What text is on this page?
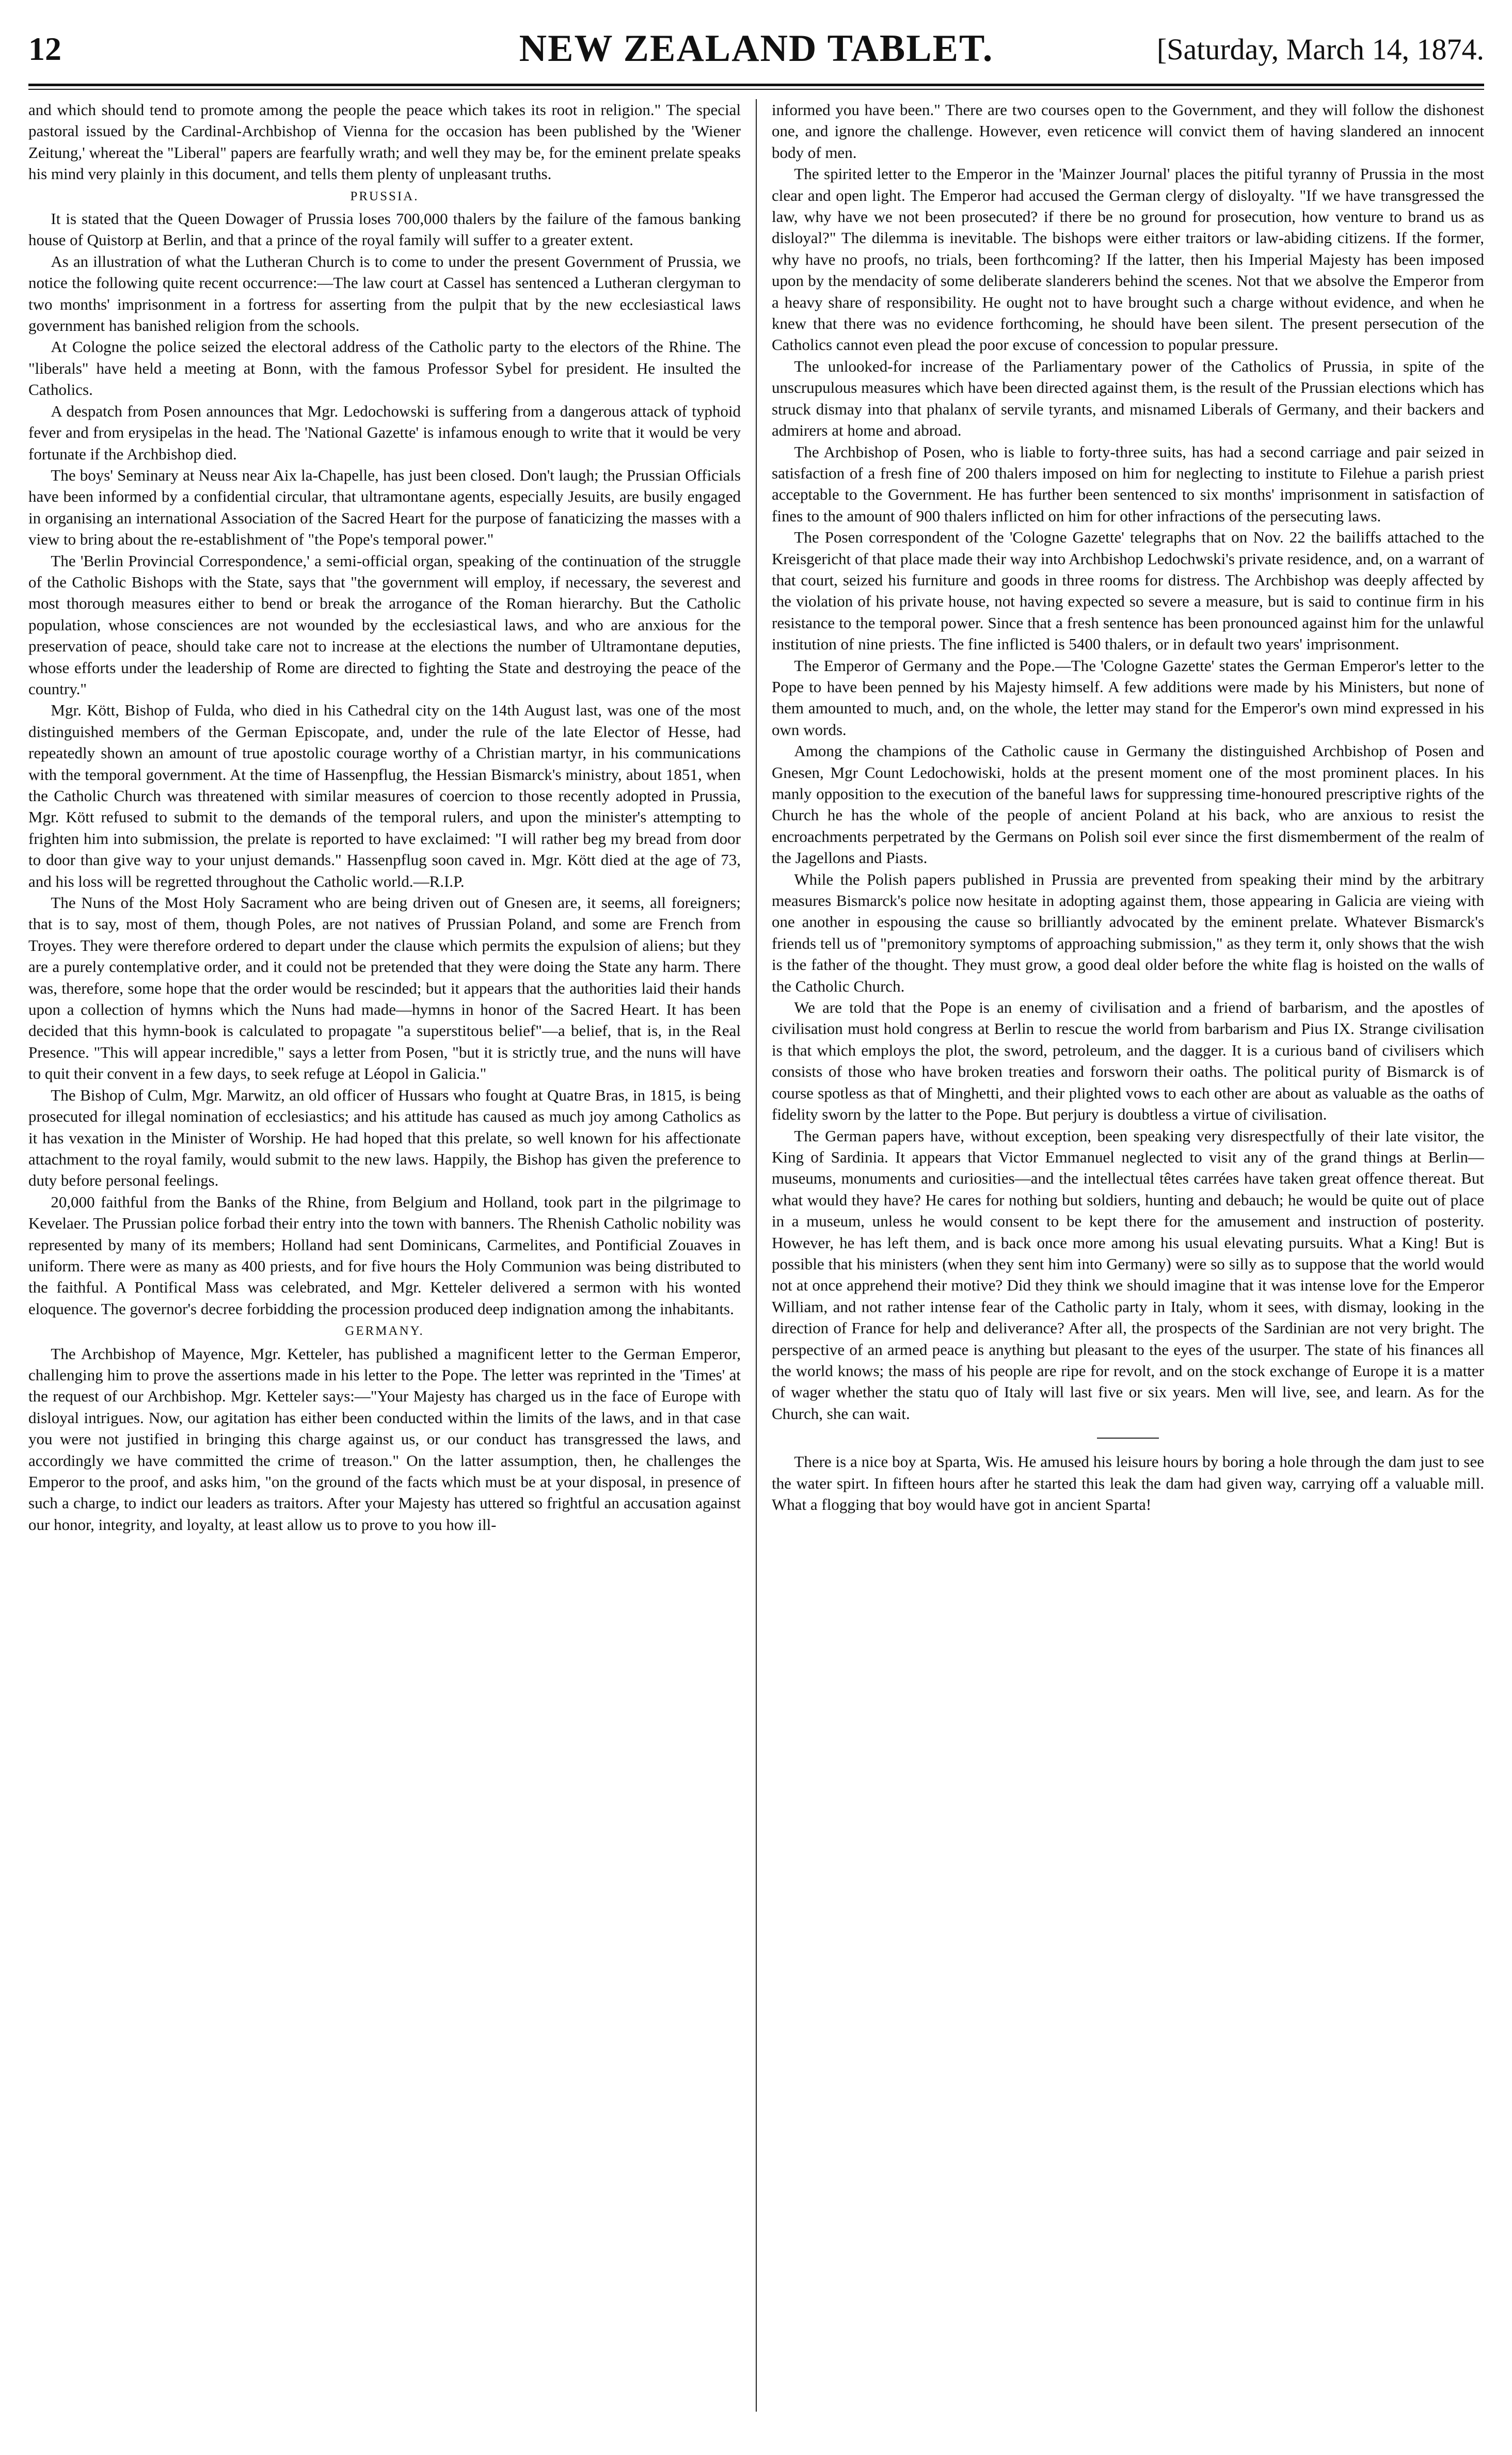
12	NEW ZEALAND TABLET.	[Saturday, March 14, 1874.

and which should tend to promote among the people the peace which takes its root in religion." The special pastoral issued by the Cardinal-Archbishop of Vienna for the occasion has been published by the 'Wiener Zeitung,' whereat the "Liberal" papers are fearfully wrath; and well they may be, for the eminent prelate speaks his mind very plainly in this document, and tells them plenty of unpleasant truths.

PRUSSIA.

It is stated that the Queen Dowager of Prussia loses 700,000 thalers by the failure of the famous banking house of Quistorp at Berlin, and that a prince of the royal family will suffer to a greater extent.

As an illustration of what the Lutheran Church is to come to under the present Government of Prussia, we notice the following quite recent occurrence:—The law court at Cassel has sentenced a Lutheran clergyman to two months' imprisonment in a fortress for asserting from the pulpit that by the new ecclesiastical laws government has banished religion from the schools.

At Cologne the police seized the electoral address of the Catholic party to the electors of the Rhine. The "liberals" have held a meeting at Bonn, with the famous Professor Sybel for president. He insulted the Catholics.

A despatch from Posen announces that Mgr. Ledochowski is suffering from a dangerous attack of typhoid fever and from erysipelas in the head. The 'National Gazette' is infamous enough to write that it would be very fortunate if the Archbishop died.

The boys' Seminary at Neuss near Aix la-Chapelle, has just been closed. Don't laugh; the Prussian Officials have been informed by a confidential circular, that ultramontane agents, especially Jesuits, are busily engaged in organising an international Association of the Sacred Heart for the purpose of fanaticizing the masses with a view to bring about the re-establishment of "the Pope's temporal power."

The 'Berlin Provincial Correspondence,' a semi-official organ, speaking of the continuation of the struggle of the Catholic Bishops with the State, says that "the government will employ, if necessary, the severest and most thorough measures either to bend or break the arrogance of the Roman hierarchy. But the Catholic population, whose consciences are not wounded by the ecclesiastical laws, and who are anxious for the preservation of peace, should take care not to increase at the elections the number of Ultramontane deputies, whose efforts under the leadership of Rome are directed to fighting the State and destroying the peace of the country."

Mgr. Kött, Bishop of Fulda, who died in his Cathedral city on the 14th August last, was one of the most distinguished members of the German Episcopate, and, under the rule of the late Elector of Hesse, had repeatedly shown an amount of true apostolic courage worthy of a Christian martyr, in his communications with the temporal government. At the time of Hassenpflug, the Hessian Bismarck's ministry, about 1851, when the Catholic Church was threatened with similar measures of coercion to those recently adopted in Prussia, Mgr. Kött refused to submit to the demands of the temporal rulers, and upon the minister's attempting to frighten him into submission, the prelate is reported to have exclaimed: "I will rather beg my bread from door to door than give way to your unjust demands." Hassenpflug soon caved in. Mgr. Kött died at the age of 73, and his loss will be regretted throughout the Catholic world.—R.I.P.

The Nuns of the Most Holy Sacrament who are being driven out of Gnesen are, it seems, all foreigners; that is to say, most of them, though Poles, are not natives of Prussian Poland, and some are French from Troyes. They were therefore ordered to depart under the clause which permits the expulsion of aliens; but they are a purely contemplative order, and it could not be pretended that they were doing the State any harm. There was, therefore, some hope that the order would be rescinded; but it appears that the authorities laid their hands upon a collection of hymns which the Nuns had made—hymns in honor of the Sacred Heart. It has been decided that this hymn-book is calculated to propagate "a superstitous belief"—a belief, that is, in the Real Presence. "This will appear incredible," says a letter from Posen, "but it is strictly true, and the nuns will have to quit their convent in a few days, to seek refuge at Léopol in Galicia."

The Bishop of Culm, Mgr. Marwitz, an old officer of Hussars who fought at Quatre Bras, in 1815, is being prosecuted for illegal nomination of ecclesiastics; and his attitude has caused as much joy among Catholics as it has vexation in the Minister of Worship. He had hoped that this prelate, so well known for his affectionate attachment to the royal family, would submit to the new laws. Happily, the Bishop has given the preference to duty before personal feelings.

20,000 faithful from the Banks of the Rhine, from Belgium and Holland, took part in the pilgrimage to Kevelaer. The Prussian police forbad their entry into the town with banners. The Rhenish Catholic nobility was represented by many of its members; Holland had sent Dominicans, Carmelites, and Pontificial Zouaves in uniform. There were as many as 400 priests, and for five hours the Holy Communion was being distributed to the faithful. A Pontifical Mass was celebrated, and Mgr. Ketteler delivered a sermon with his wonted eloquence. The governor's decree forbidding the procession produced deep indignation among the inhabitants.

GERMANY.

The Archbishop of Mayence, Mgr. Ketteler, has published a magnificent letter to the German Emperor, challenging him to prove the assertions made in his letter to the Pope. The letter was reprinted in the 'Times' at the request of our Archbishop. Mgr. Ketteler says:—"Your Majesty has charged us in the face of Europe with disloyal intrigues. Now, our agitation has either been conducted within the limits of the laws, and in that case you were not justified in bringing this charge against us, or our conduct has transgressed the laws, and accordingly we have committed the crime of treason." On the latter assumption, then, he challenges the Emperor to the proof, and asks him, "on the ground of the facts which must be at your disposal, in presence of such a charge, to indict our leaders as traitors. After your Majesty has uttered so frightful an accusation against our honor, integrity, and loyalty, at least allow us to prove to you how ill-

informed you have been." There are two courses open to the Government, and they will follow the dishonest one, and ignore the challenge. However, even reticence will convict them of having slandered an innocent body of men.

The spirited letter to the Emperor in the 'Mainzer Journal' places the pitiful tyranny of Prussia in the most clear and open light. The Emperor had accused the German clergy of disloyalty. "If we have transgressed the law, why have we not been prosecuted? if there be no ground for prosecution, how venture to brand us as disloyal?" The dilemma is inevitable. The bishops were either traitors or law-abiding citizens. If the former, why have no proofs, no trials, been forthcoming? If the latter, then his Imperial Majesty has been imposed upon by the mendacity of some deliberate slanderers behind the scenes. Not that we absolve the Emperor from a heavy share of responsibility. He ought not to have brought such a charge without evidence, and when he knew that there was no evidence forthcoming, he should have been silent. The present persecution of the Catholics cannot even plead the poor excuse of concession to popular pressure.

The unlooked-for increase of the Parliamentary power of the Catholics of Prussia, in spite of the unscrupulous measures which have been directed against them, is the result of the Prussian elections which has struck dismay into that phalanx of servile tyrants, and misnamed Liberals of Germany, and their backers and admirers at home and abroad.

The Archbishop of Posen, who is liable to forty-three suits, has had a second carriage and pair seized in satisfaction of a fresh fine of 200 thalers imposed on him for neglecting to institute to Filehue a parish priest acceptable to the Government. He has further been sentenced to six months' imprisonment in satisfaction of fines to the amount of 900 thalers inflicted on him for other infractions of the persecuting laws.

The Posen correspondent of the 'Cologne Gazette' telegraphs that on Nov. 22 the bailiffs attached to the Kreisgericht of that place made their way into Archbishop Ledochwski's private residence, and, on a warrant of that court, seized his furniture and goods in three rooms for distress. The Archbishop was deeply affected by the violation of his private house, not having expected so severe a measure, but is said to continue firm in his resistance to the temporal power. Since that a fresh sentence has been pronounced against him for the unlawful institution of nine priests. The fine inflicted is 5400 thalers, or in default two years' imprisonment.

The Emperor of Germany and the Pope.—The 'Cologne Gazette' states the German Emperor's letter to the Pope to have been penned by his Majesty himself. A few additions were made by his Ministers, but none of them amounted to much, and, on the whole, the letter may stand for the Emperor's own mind expressed in his own words.

Among the champions of the Catholic cause in Germany the distinguished Archbishop of Posen and Gnesen, Mgr Count Ledochowiski, holds at the present moment one of the most prominent places. In his manly opposition to the execution of the baneful laws for suppressing time-honoured prescriptive rights of the Church he has the whole of the people of ancient Poland at his back, who are anxious to resist the encroachments perpetrated by the Germans on Polish soil ever since the first dismemberment of the realm of the Jagellons and Piasts.

While the Polish papers published in Prussia are prevented from speaking their mind by the arbitrary measures Bismarck's police now hesitate in adopting against them, those appearing in Galicia are vieing with one another in espousing the cause so brilliantly advocated by the eminent prelate. Whatever Bismarck's friends tell us of "premonitory symptoms of approaching submission," as they term it, only shows that the wish is the father of the thought. They must grow, a good deal older before the white flag is hoisted on the walls of the Catholic Church.

We are told that the Pope is an enemy of civilisation and a friend of barbarism, and the apostles of civilisation must hold congress at Berlin to rescue the world from barbarism and Pius IX. Strange civilisation is that which employs the plot, the sword, petroleum, and the dagger. It is a curious band of civilisers which consists of those who have broken treaties and forsworn their oaths. The political purity of Bismarck is of course spotless as that of Minghetti, and their plighted vows to each other are about as valuable as the oaths of fidelity sworn by the latter to the Pope. But perjury is doubtless a virtue of civilisation.

The German papers have, without exception, been speaking very disrespectfully of their late visitor, the King of Sardinia. It appears that Victor Emmanuel neglected to visit any of the grand things at Berlin—museums, monuments and curiosities—and the intellectual têtes carrées have taken great offence thereat. But what would they have? He cares for nothing but soldiers, hunting and debauch; he would be quite out of place in a museum, unless he would consent to be kept there for the amusement and instruction of posterity. However, he has left them, and is back once more among his usual elevating pursuits. What a King! But is possible that his ministers (when they sent him into Germany) were so silly as to suppose that the world would not at once apprehend their motive? Did they think we should imagine that it was intense love for the Emperor William, and not rather intense fear of the Catholic party in Italy, whom it sees, with dismay, looking in the direction of France for help and deliverance? After all, the prospects of the Sardinian are not very bright. The perspective of an armed peace is anything but pleasant to the eyes of the usurper. The state of his finances all the world knows; the mass of his people are ripe for revolt, and on the stock exchange of Europe it is a matter of wager whether the statu quo of Italy will last five or six years. Men will live, see, and learn. As for the Church, she can wait.

There is a nice boy at Sparta, Wis. He amused his leisure hours by boring a hole through the dam just to see the water spirt. In fifteen hours after he started this leak the dam had given way, carrying off a valuable mill. What a flogging that boy would have got in ancient Sparta!
